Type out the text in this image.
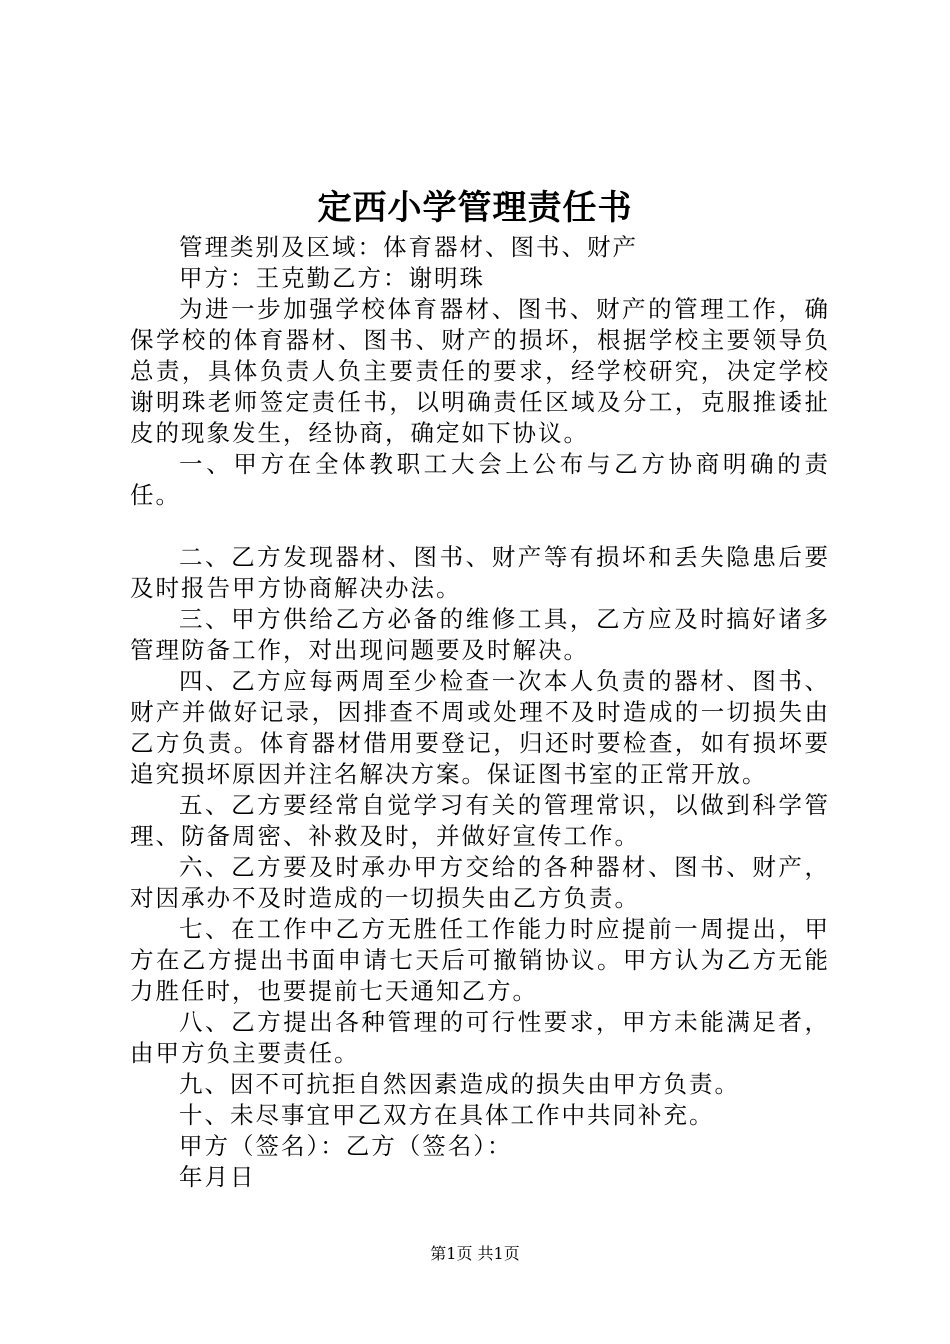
定西小学管理责任书

管理类别及区域：体育器材、图书、财产

甲方：王克勤乙方：谢明珠

为进一步加强学校体育器材、图书、财产的管理工作，确保学校的体育器材、图书、财产的损坏，根据学校主要领导负总责，具体负责人负主要责任的要求，经学校研究，决定学校谢明珠老师签定责任书，以明确责任区域及分工，克服推诿扯皮的现象发生，经协商，确定如下协议。

一、甲方在全体教职工大会上公布与乙方协商明确的责任。

二、乙方发现器材、图书、财产等有损坏和丢失隐患后要及时报告甲方协商解决办法。

三、甲方供给乙方必备的维修工具，乙方应及时搞好诸多管理防备工作，对出现问题要及时解决。

四、乙方应每两周至少检查一次本人负责的器材、图书、财产并做好记录，因排查不周或处理不及时造成的一切损失由乙方负责。体育器材借用要登记，归还时要检查，如有损坏要追究损坏原因并注名解决方案。保证图书室的正常开放。

五、乙方要经常自觉学习有关的管理常识，以做到科学管理、防备周密、补救及时，并做好宣传工作。

六、乙方要及时承办甲方交给的各种器材、图书、财产，对因承办不及时造成的一切损失由乙方负责。

七、在工作中乙方无胜任工作能力时应提前一周提出，甲方在乙方提出书面申请七天后可撤销协议。甲方认为乙方无能力胜任时，也要提前七天通知乙方。

八、乙方提出各种管理的可行性要求，甲方未能满足者，由甲方负主要责任。

九、因不可抗拒自然因素造成的损失由甲方负责。

十、未尽事宜甲乙双方在具体工作中共同补充。

甲方（签名）：乙方（签名）：

年月日

第1页 共1页
